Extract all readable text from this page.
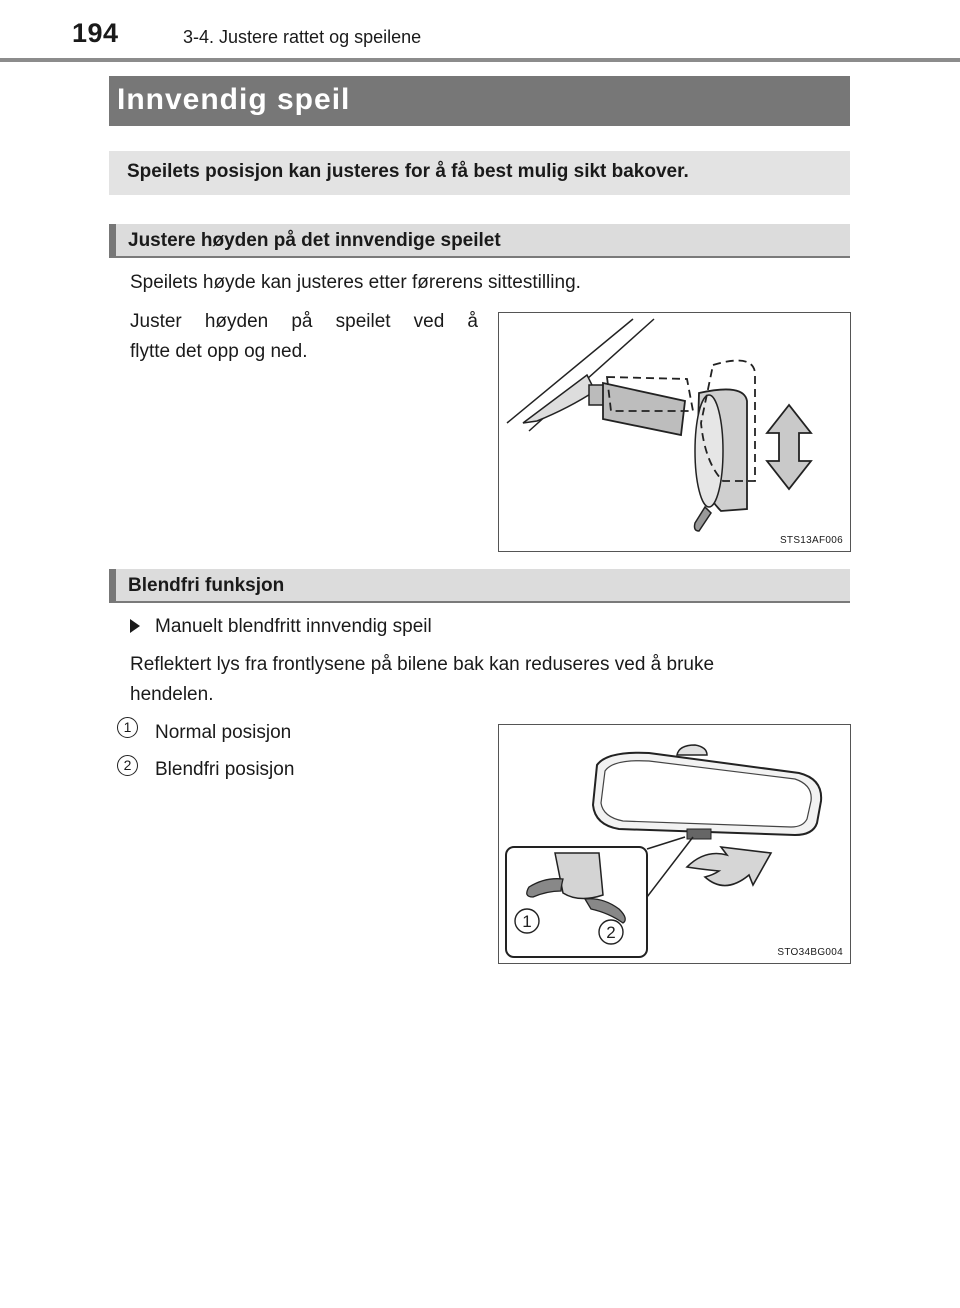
194	3-4. Justere rattet og speilene
Innvendig speil
Speilets posisjon kan justeres for å få best mulig sikt bakover.
Justere høyden på det innvendige speilet
Speilets høyde kan justeres etter førerens sittestilling.
Juster høyden på speilet ved å
flytte det opp og ned.
STS13AF006
Blendfri funksjon
Manuelt blendfritt innvendig speil
Reflektert lys fra frontlysene på bilene bak kan reduseres ved å bruke
hendelen.
1	Normal posisjon
2	Blendfri posisjon
1
2
STO34BG004
